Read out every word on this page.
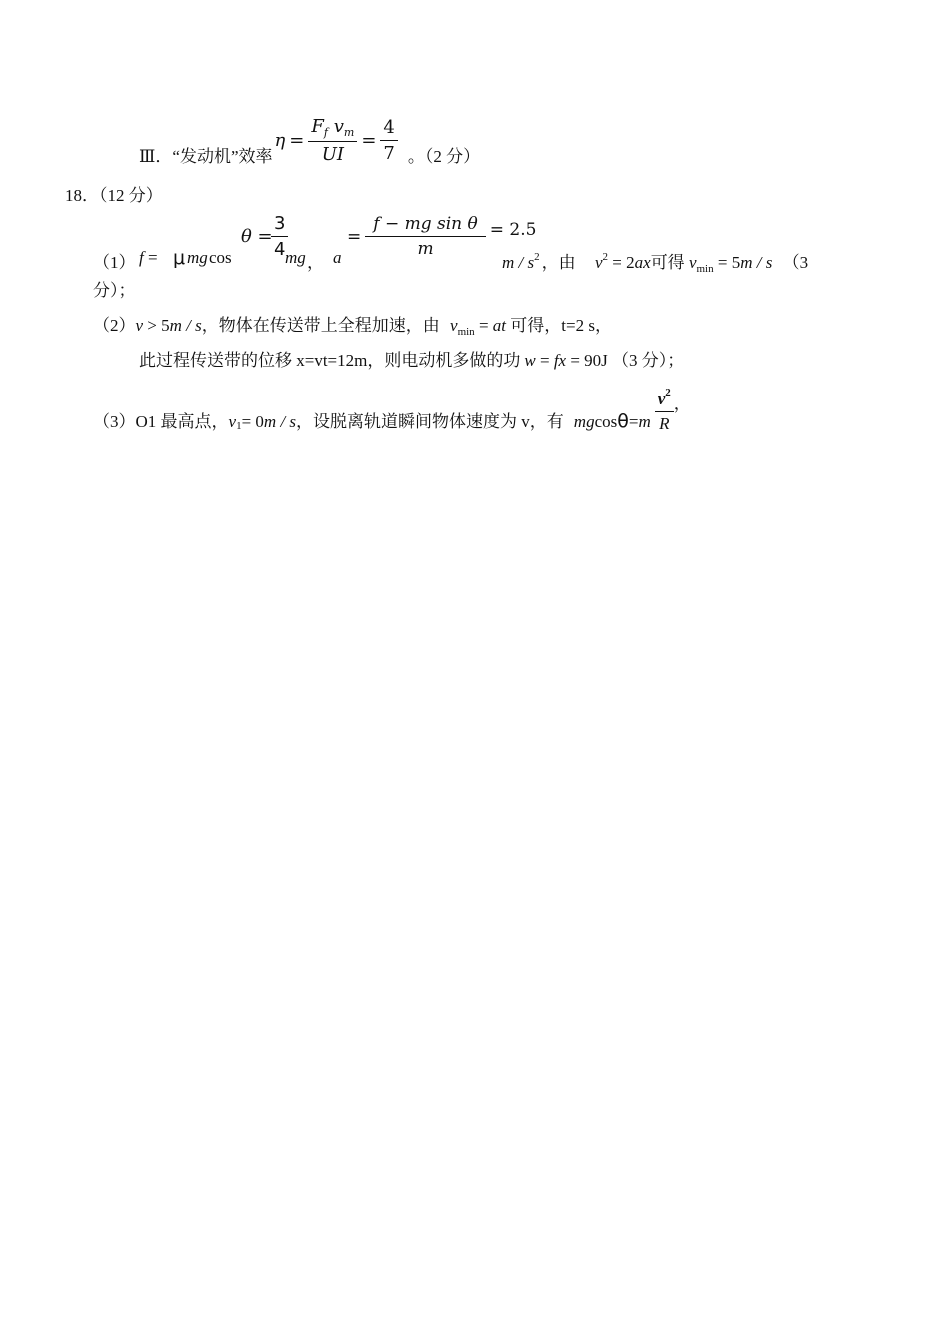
Ⅲ．“发动机”效率
$\eta = \frac{F_f v_m}{UI} = \frac{4}{7}$ 。（2 分）
18．（12 分）
（1） f = μ mg cos
θ =
$\frac{3}{4}$
mg ， a
= $\frac{\text{f − mg sin θ}}{m} = 2.5$
m / $s^2$ ，由 $v^2 = 2ax$可得 $v_{min} = 5m / s$ （3
分）；
（2）v > 5m / s，物体在传送带上全程加速，由 $v_{min}$ = at 可得，t=2 s，
此过程传送带的位移 x=vt=12m，则电动机多做的功 w = fx = 90J （3 分）；
（3）O1 最高点， v 1 = 0 m / s ，设脱离轨道瞬间物体速度为 v，有 mg cos θ = m $\frac{v^2}{R}$ ，
